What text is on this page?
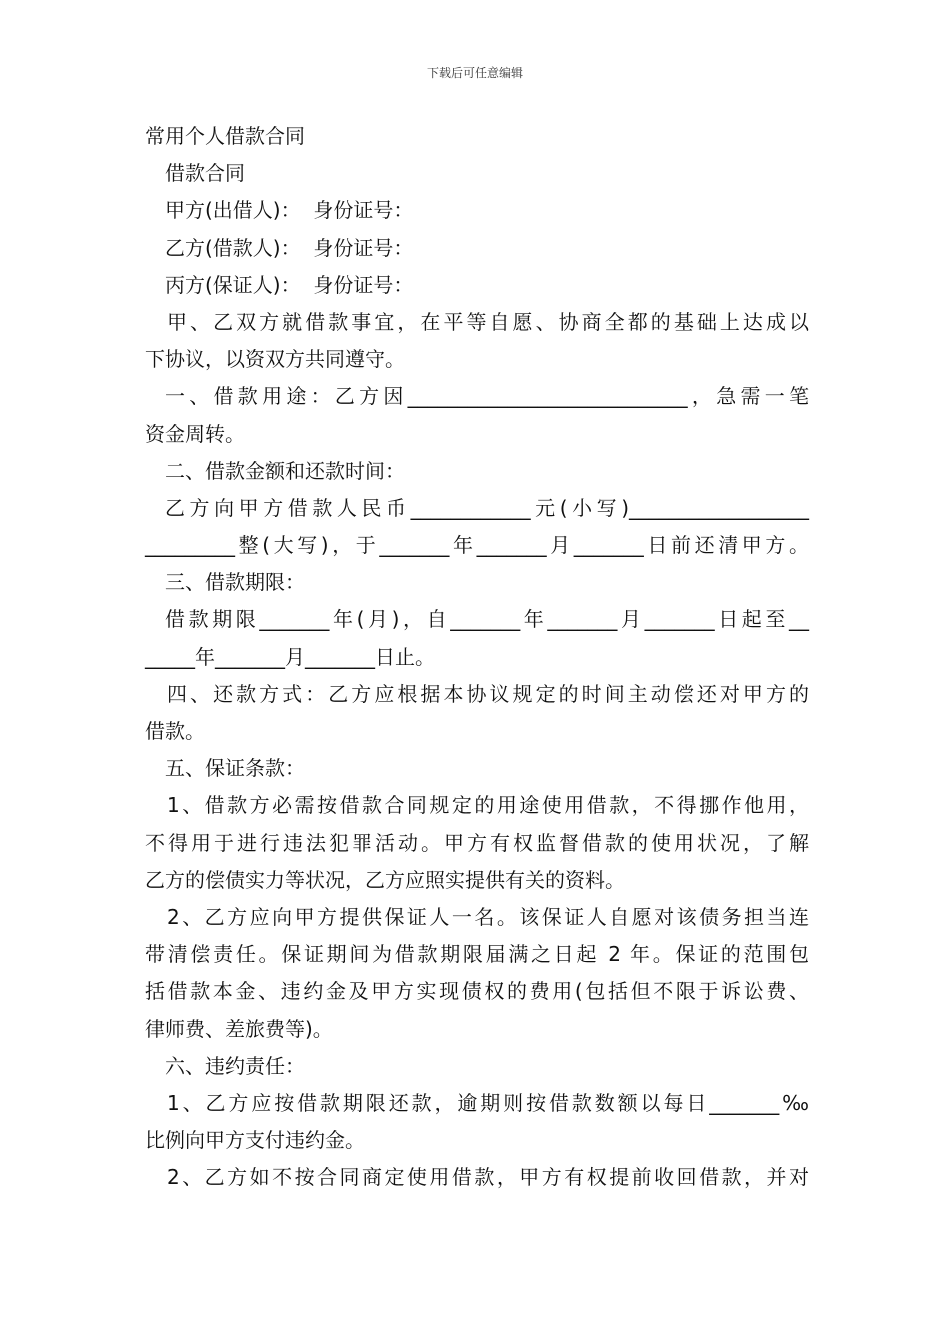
下载后可任意编辑
常用个人借款合同
借款合同
甲方(出借人)：  身份证号：
乙方(借款人)：  身份证号：
丙方(保证人)：  身份证号：
甲、乙双方就借款事宜，在平等自愿、协商全都的基础上达成以
下协议，以资双方共同遵守。
一、借款用途：乙方因____________________________，急需一笔
资金周转。
二、借款金额和还款时间：
乙方向甲方借款人民币____________元(小写)__________________
_________整(大写)，于_______年_______月_______日前还清甲方。
三、借款期限：
借款期限_______年(月)，自_______年_______月_______日起至__
_____年_______月_______日止。
四、还款方式：乙方应根据本协议规定的时间主动偿还对甲方的
借款。
五、保证条款：
1、借款方必需按借款合同规定的用途使用借款，不得挪作他用，
不得用于进行违法犯罪活动。甲方有权监督借款的使用状况，了解
乙方的偿债实力等状况，乙方应照实提供有关的资料。
2、乙方应向甲方提供保证人一名。该保证人自愿对该债务担当连
带清偿责任。保证期间为借款期限届满之日起 2 年。保证的范围包
括借款本金、违约金及甲方实现债权的费用(包括但不限于诉讼费、
律师费、差旅费等)。
六、违约责任：
1、乙方应按借款期限还款，逾期则按借款数额以每日_______‰
比例向甲方支付违约金。
2、乙方如不按合同商定使用借款，甲方有权提前收回借款，并对
